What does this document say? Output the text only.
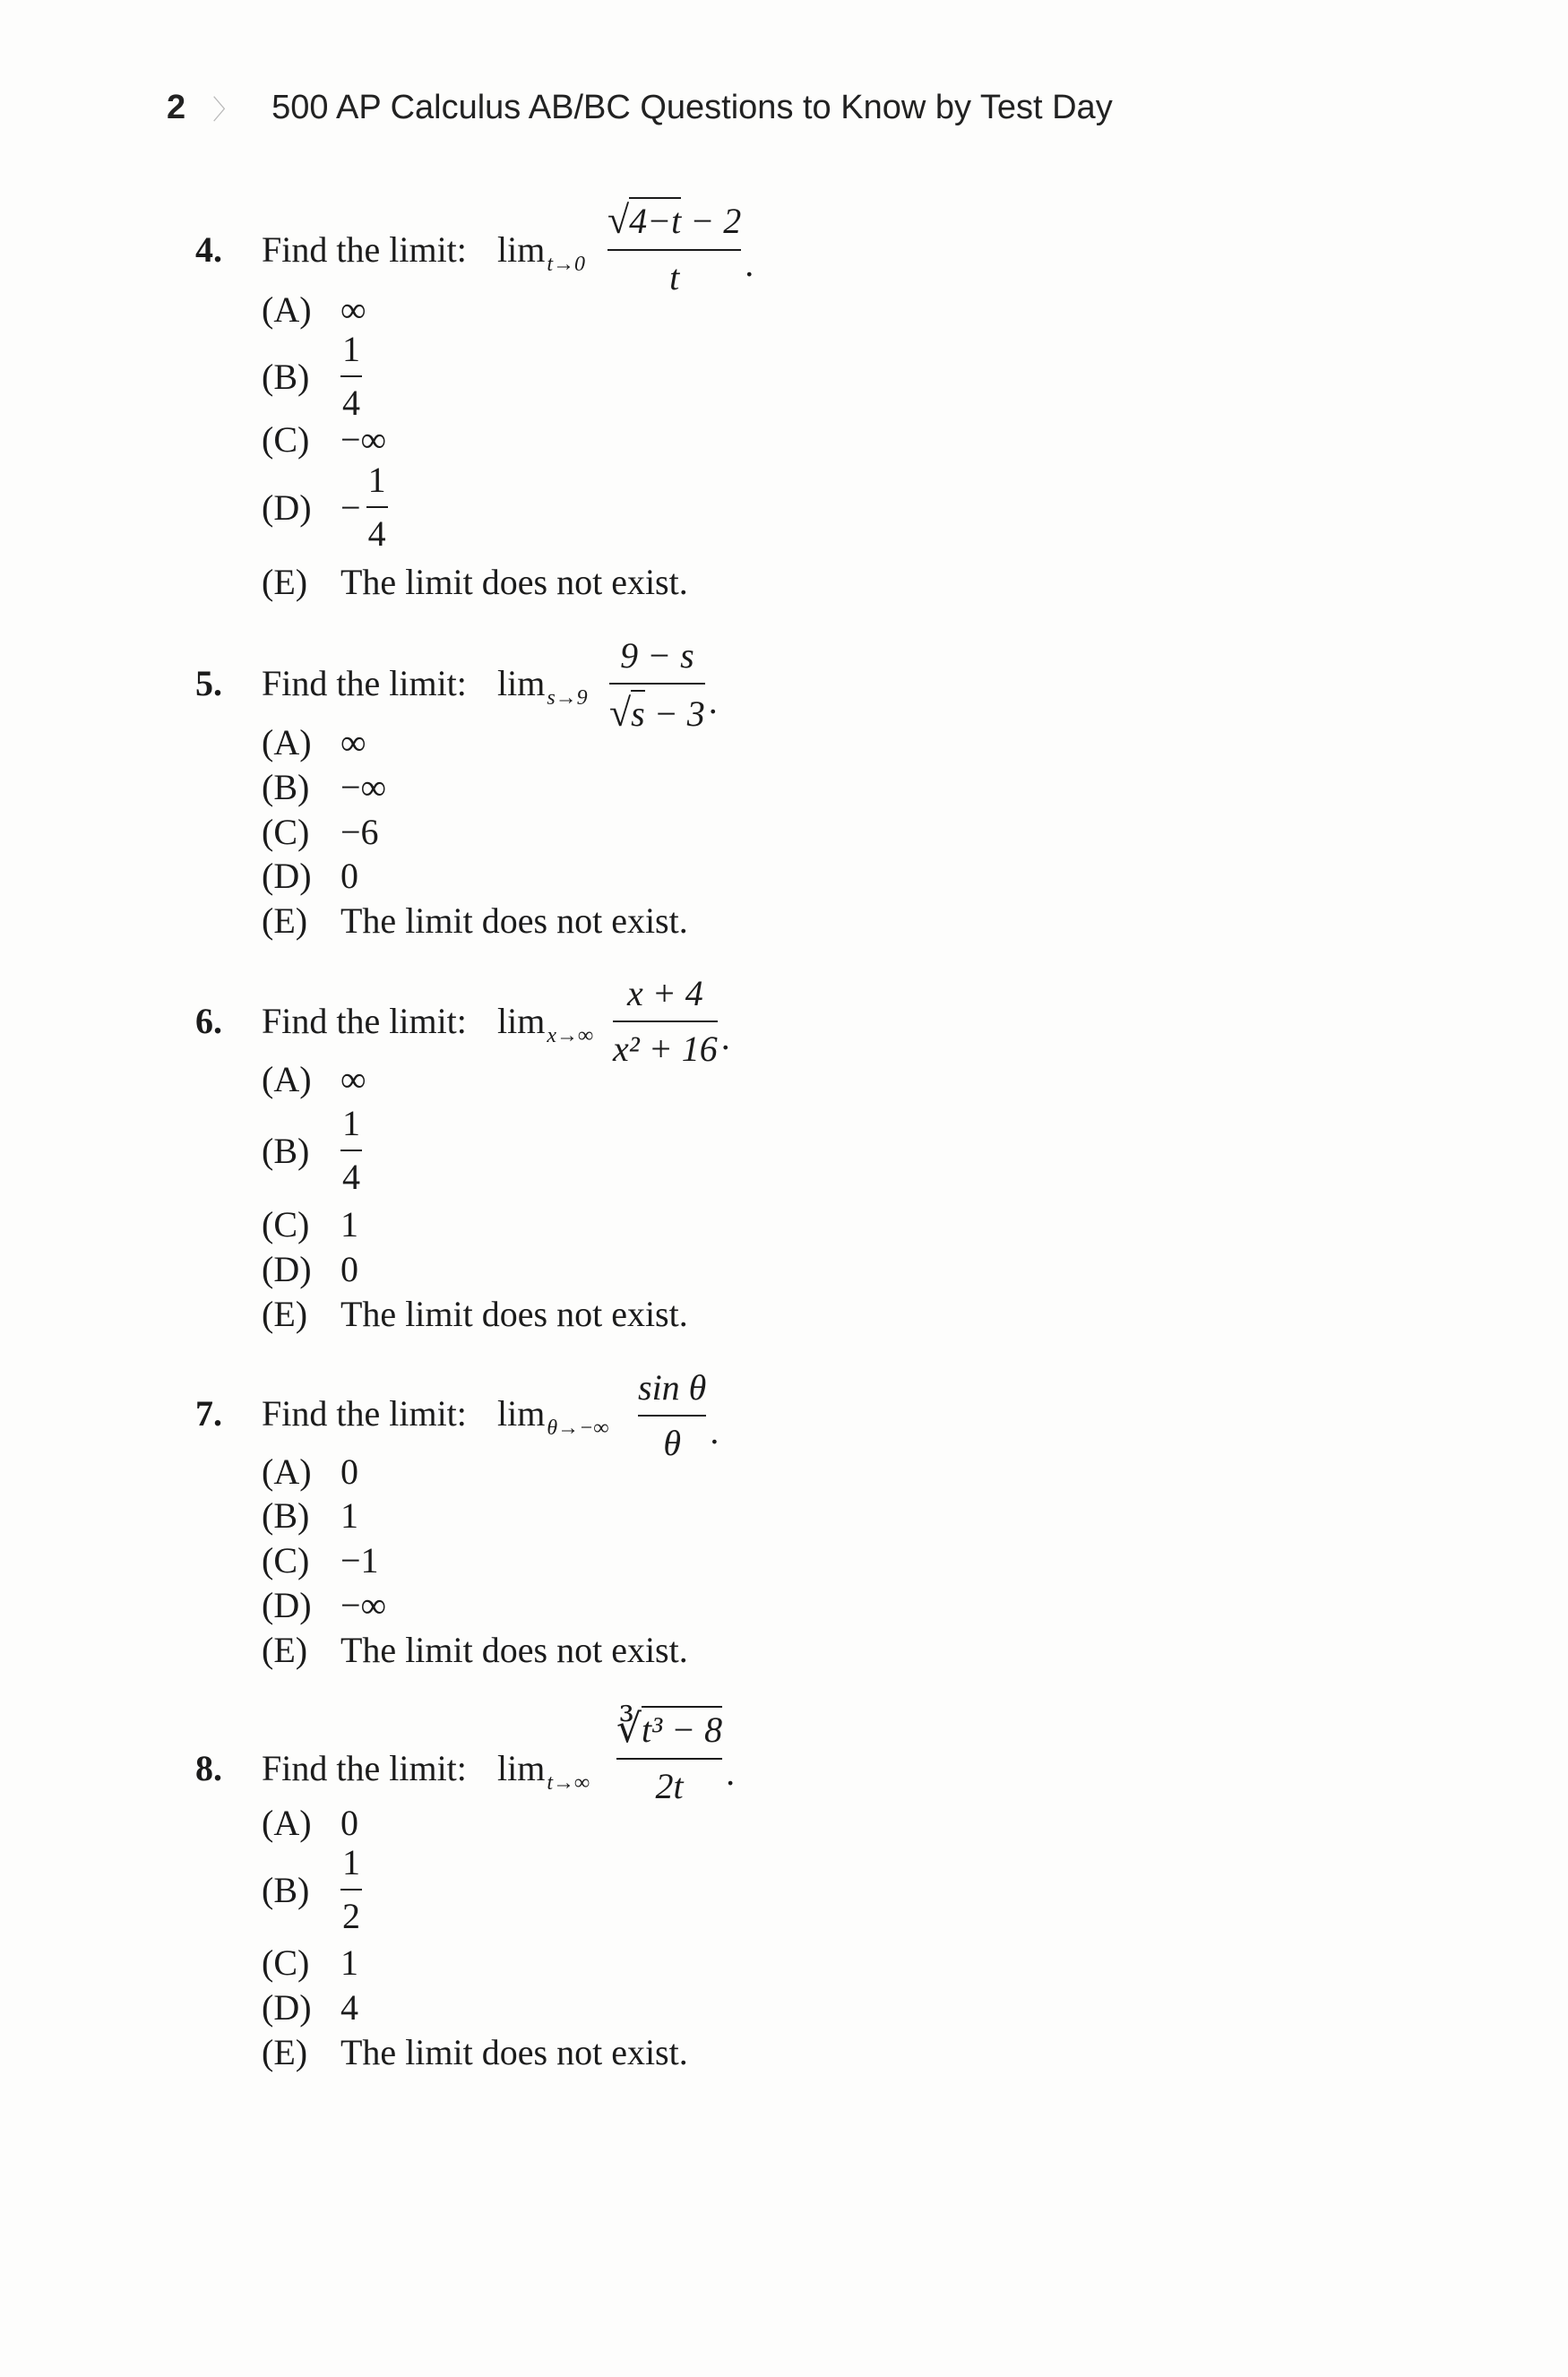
2 〉 500 AP Calculus AB/BC Questions to Know by Test Day
4. Find the limit: $\lim_{t\to 0}$
√4−t − 2
t .
(A) ∞
(B)
1
4
(C) −∞
(D) −
1
4
(E) The limit does not exist.
5. Find the limit: $\lim_{s\to 9}$
9 − s
√s − 3 .
(A) ∞
(B) −∞
(C) −6
(D) 0
(E) The limit does not exist.
6. Find the limit: $\lim_{x\to\infty}$
x + 4
x² + 16 .
(A) ∞
(B)
1
4
(C) 1
(D) 0
(E) The limit does not exist.
7. Find the limit: $\lim_{\theta\to-\infty}$
sin θ
θ .
(A) 0
(B) 1
(C) −1
(D) −∞
(E) The limit does not exist.
8. Find the limit: $\lim_{t\to\infty}$
∛t³ − 8
2t .
(A) 0
(B)
1
2
(C) 1
(D) 4
(E) The limit does not exist.
